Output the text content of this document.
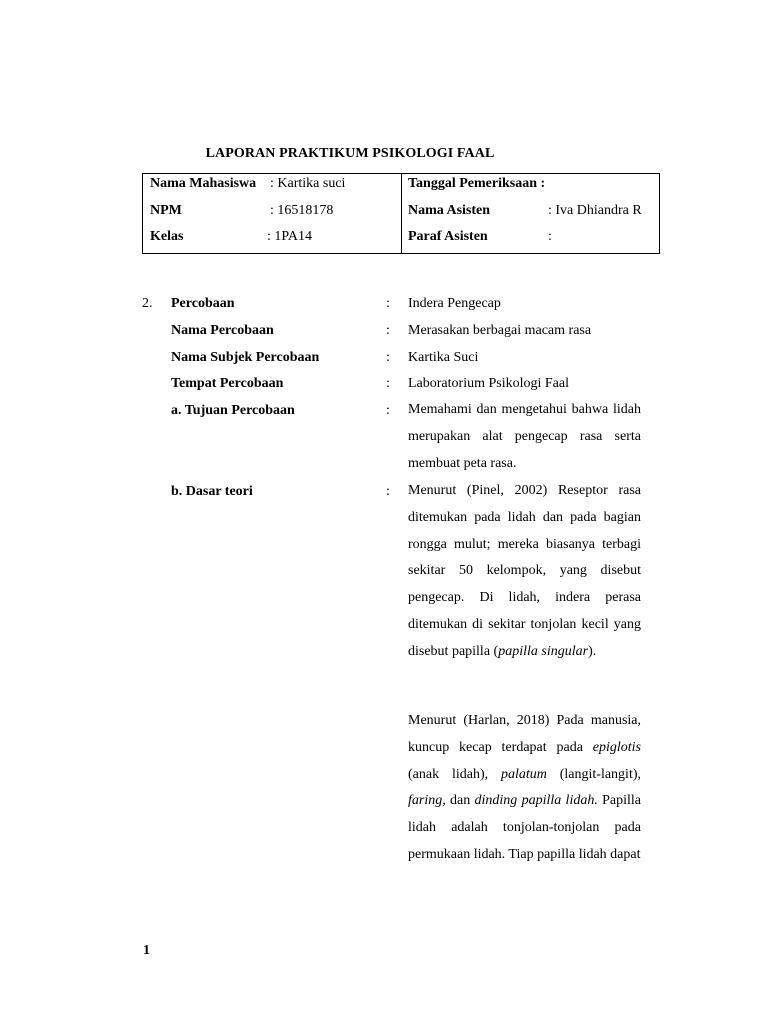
LAPORAN PRAKTIKUM PSIKOLOGI FAAL
Nama Mahasiswa : Kartika suci
NPM	: 16518178
Kelas	: 1PA14
Tanggal Pemeriksaan :
Nama Asisten	: Iva Dhiandra R
Paraf Asisten	:
2. Percobaan	: Indera Pengecap
Nama Percobaan	: Merasakan berbagai macam rasa
Nama Subjek Percobaan	: Kartika Suci
Tempat Percobaan	: Laboratorium Psikologi Faal
a. Tujuan Percobaan	: Memahami dan mengetahui bahwa lidah merupakan alat pengecap rasa serta membuat peta rasa.
b. Dasar teori	: Menurut (Pinel, 2002) Reseptor rasa ditemukan pada lidah dan pada bagian rongga mulut; mereka biasanya terbagi sekitar 50 kelompok, yang disebut pengecap. Di lidah, indera perasa ditemukan di sekitar tonjolan kecil yang disebut papilla (papilla singular).
Menurut (Harlan, 2018) Pada manusia, kuncup kecap terdapat pada epiglotis (anak lidah), palatum (langit-langit), faring, dan dinding papilla lidah. Papilla lidah adalah tonjolan-tonjolan pada permukaan lidah. Tiap papilla lidah dapat
1
